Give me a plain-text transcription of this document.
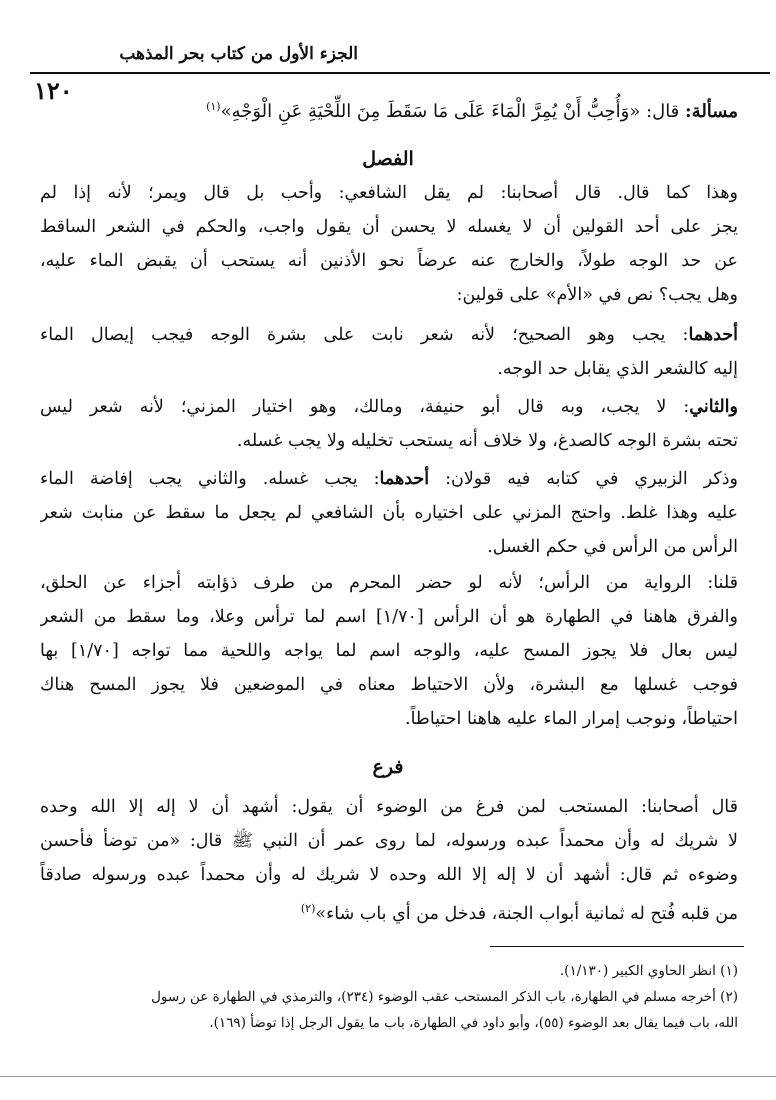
الجزء الأول من كتاب بحر المذهب
١٢٠
مسألة: قال: «وَأُحِبُّ أَنْ يُمِرَّ الْمَاءَ عَلَى مَا سَقَطَ مِنَ اللِّحْيَةِ عَنِ الْوَجْهِ»$^{(١)}$
الفصل
وهذا كما قال. قال أصحابنا: لم يقل الشافعي: وأحب بل قال ويمر؛ لأنه إذا لم
يجز على أحد القولين أن لا يغسله لا يحسن أن يقول واجب، والحكم في الشعر الساقط
عن حد الوجه طولاً، والخارج عنه عرضاً نحو الأذنين أنه يستحب أن يقبض الماء عليه،
وهل يجب؟ نص في «الأم» على قولين:
أحدهما: يجب وهو الصحيح؛ لأنه شعر نابت على بشرة الوجه فيجب إيصال الماء
إليه كالشعر الذي يقابل حد الوجه.
والثاني: لا يجب، وبه قال أبو حنيفة، ومالك، وهو اختيار المزني؛ لأنه شعر ليس
تحته بشرة الوجه كالصدغ، ولا خلاف أنه يستحب تخليله ولا يجب غسله.
وذكر الزبيري في كتابه فيه قولان: أحدهما: يجب غسله. والثاني يجب إفاضة الماء
عليه وهذا غلط. واحتج المزني على اختياره بأن الشافعي لم يجعل ما سقط عن منابت شعر
الرأس من الرأس في حكم الغسل.
قلنا: الرواية من الرأس؛ لأنه لو حضر المحرم من طرف ذؤابته أجزاء عن الحلق،
والفرق هاهنا في الطهارة هو أن الرأس [١/٧٠] اسم لما ترأس وعلا، وما سقط من الشعر
ليس بعال فلا يجوز المسح عليه، والوجه اسم لما يواجه واللحية مما تواجه [١/٧٠] بها
فوجب غسلها مع البشرة، ولأن الاحتياط معناه في الموضعين فلا يجوز المسح هناك
احتياطاً، ونوجب إمرار الماء عليه هاهنا احتياطاً.
فرع
قال أصحابنا: المستحب لمن فرغ من الوضوء أن يقول: أشهد أن لا إله إلا الله وحده
لا شريك له وأن محمداً عبده ورسوله، لما روى عمر أن النبي ﷺ قال: «من توضأ فأحسن
وضوءه ثم قال: أشهد أن لا إله إلا الله وحده لا شريك له وأن محمداً عبده ورسوله صادقاً
من قلبه فُتح له ثمانية أبواب الجنة، فدخل من أي باب شاء»$^{(٢)}$
(١) انظر الحاوي الكبير (١/١٣٠).
(٢) أخرجه مسلم في الطهارة، باب الذكر المستحب عقب الوضوء (٢٣٤)، والترمذي في الطهارة عن رسول
الله، باب فيما يقال بعد الوضوء (٥٥)، وأبو داود في الطهارة، باب ما يقول الرجل إذا توضأ (١٦٩).
